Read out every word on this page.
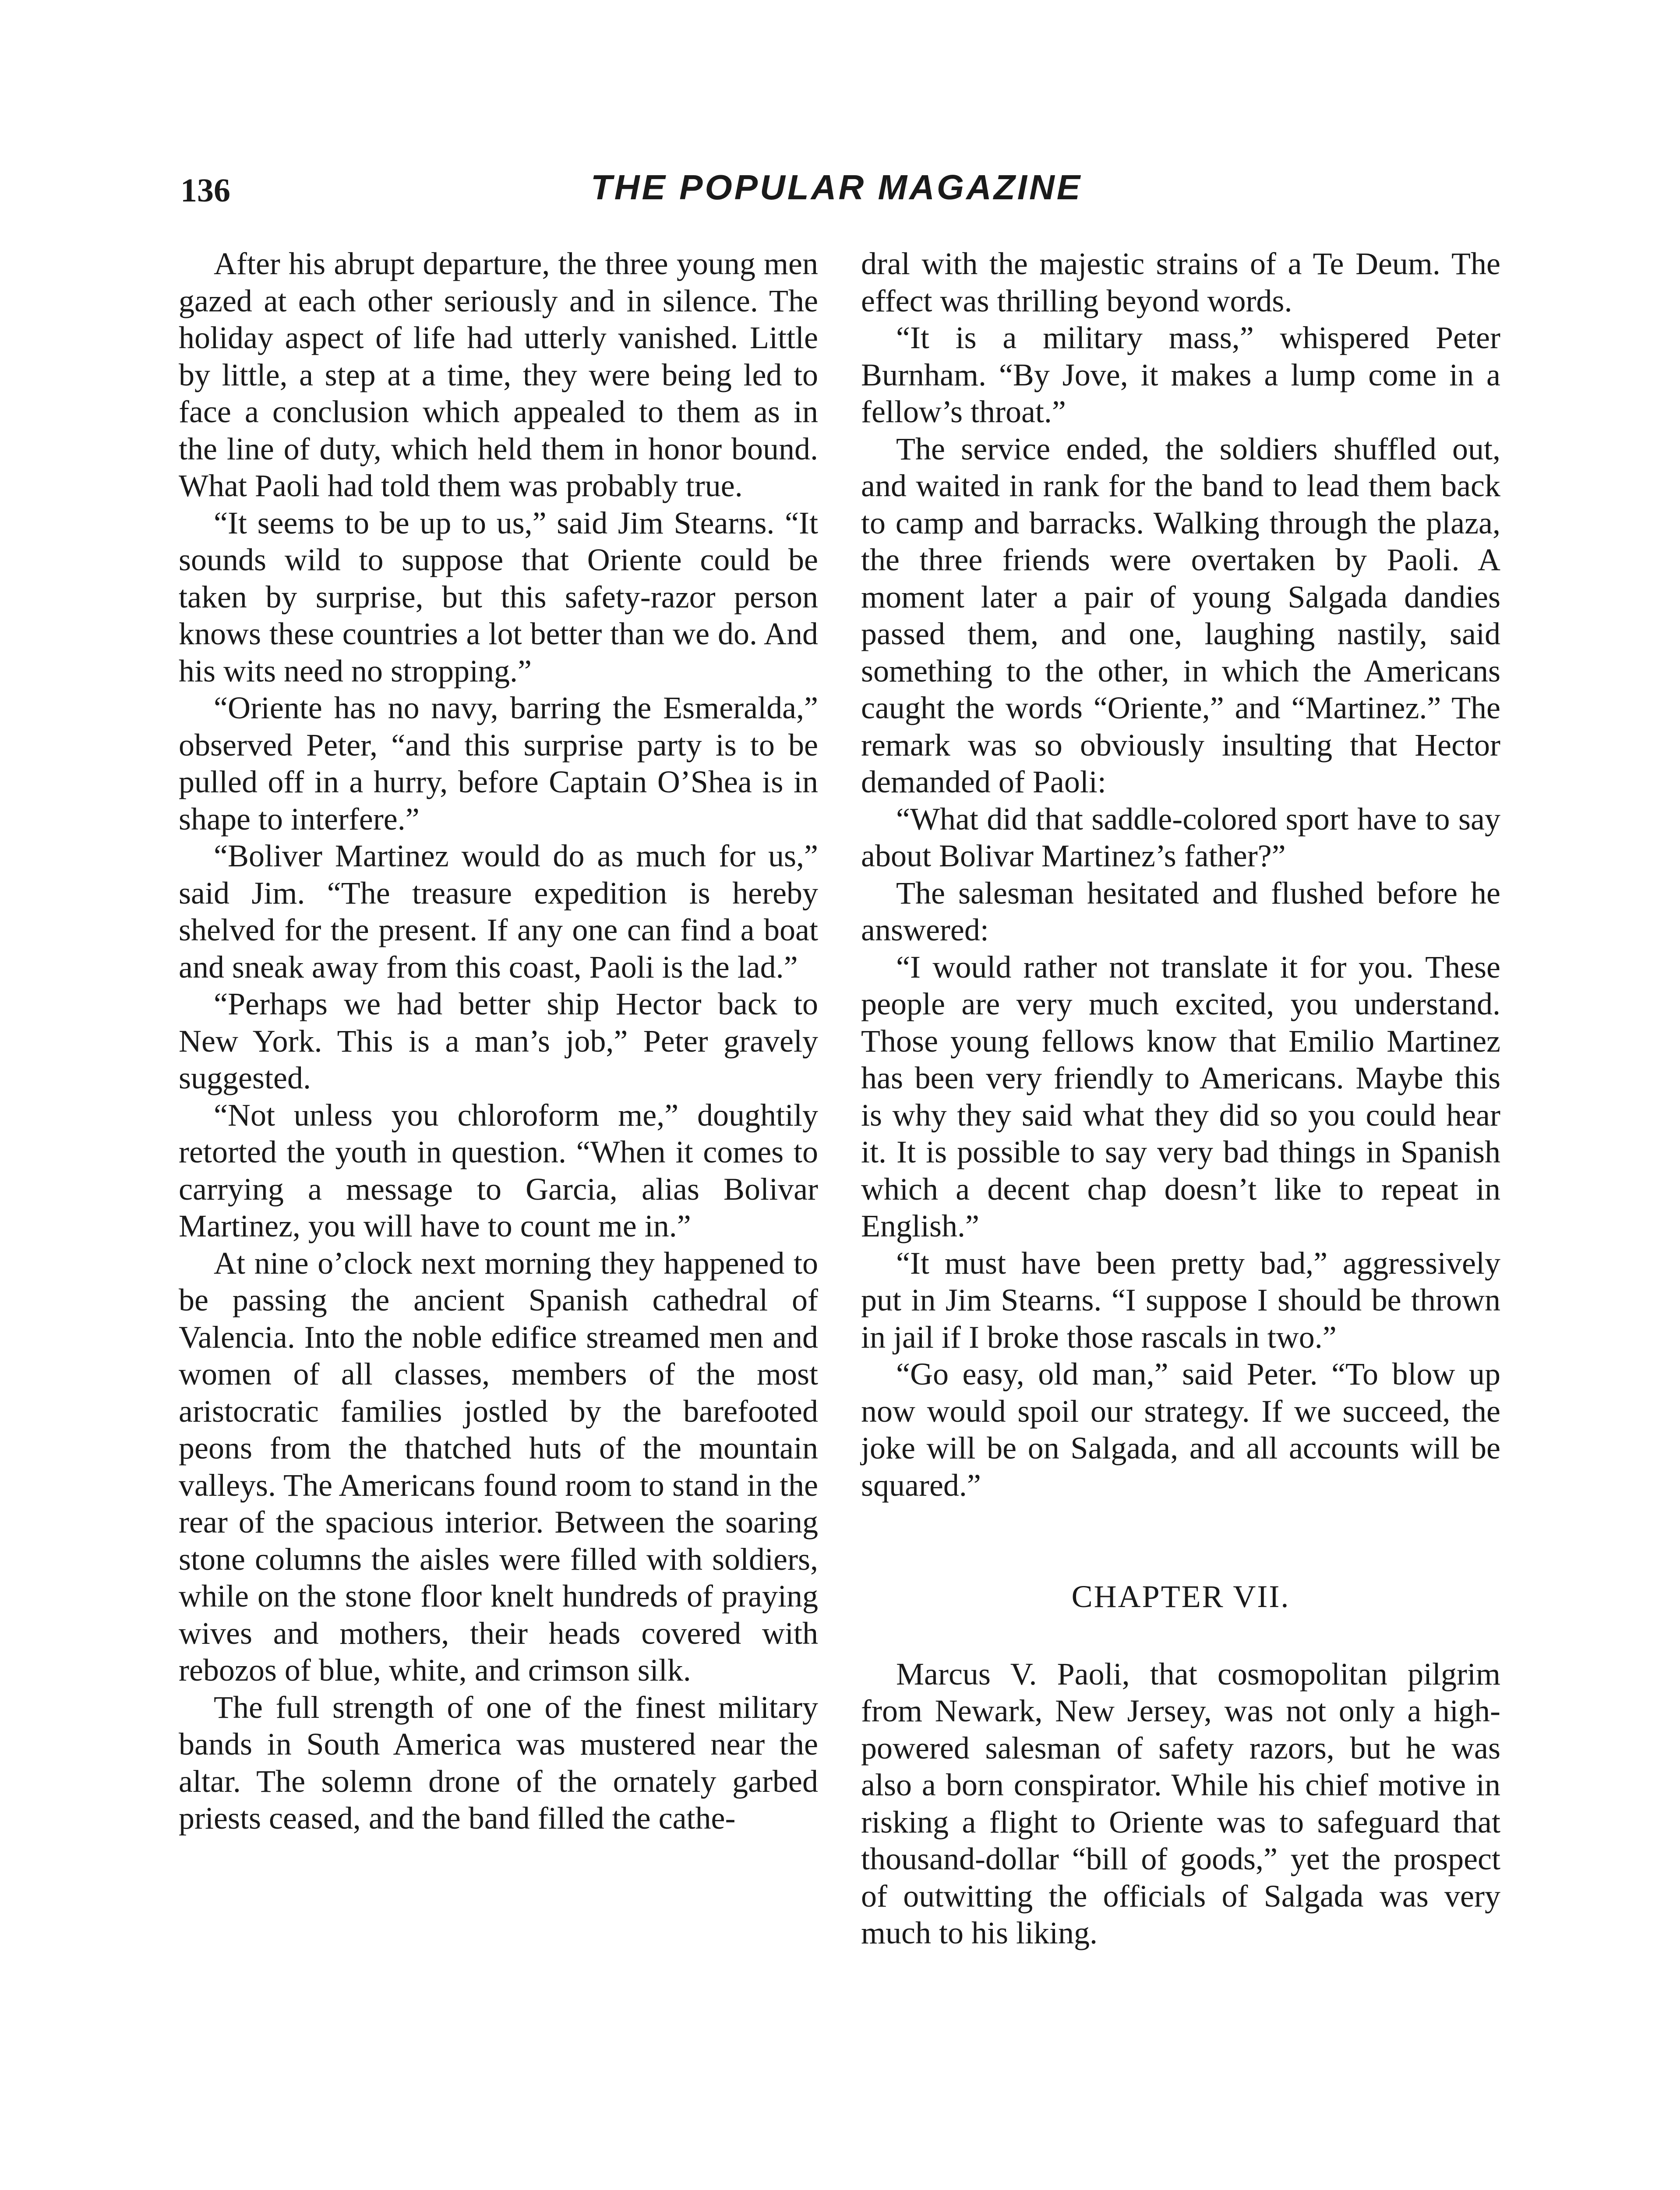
136	THE POPULAR MAGAZINE

After his abrupt departure, the three young men gazed at each other seriously and in silence. The holiday aspect of life had utterly vanished. Little by little, a step at a time, they were being led to face a conclusion which appealed to them as in the line of duty, which held them in honor bound. What Paoli had told them was probably true.

“It seems to be up to us,” said Jim Stearns. “It sounds wild to suppose that Oriente could be taken by surprise, but this safety-razor person knows these countries a lot better than we do. And his wits need no stropping.”

“Oriente has no navy, barring the Esmeralda,” observed Peter, “and this surprise party is to be pulled off in a hurry, before Captain O’Shea is in shape to interfere.”

“Boliver Martinez would do as much for us,” said Jim. “The treasure expedition is hereby shelved for the present. If any one can find a boat and sneak away from this coast, Paoli is the lad.”

“Perhaps we had better ship Hector back to New York. This is a man’s job,” Peter gravely suggested.

“Not unless you chloroform me,” doughtily retorted the youth in question. “When it comes to carrying a message to Garcia, alias Bolivar Martinez, you will have to count me in.”

At nine o’clock next morning they happened to be passing the ancient Spanish cathedral of Valencia. Into the noble edifice streamed men and women of all classes, members of the most aristocratic families jostled by the barefooted peons from the thatched huts of the mountain valleys. The Americans found room to stand in the rear of the spacious interior. Between the soaring stone columns the aisles were filled with soldiers, while on the stone floor knelt hundreds of praying wives and mothers, their heads covered with rebozos of blue, white, and crimson silk.

The full strength of one of the finest military bands in South America was mustered near the altar. The solemn drone of the ornately garbed priests ceased, and the band filled the cathe-

dral with the majestic strains of a Te Deum. The effect was thrilling beyond words.

“It is a military mass,” whispered Peter Burnham. “By Jove, it makes a lump come in a fellow’s throat.”

The service ended, the soldiers shuffled out, and waited in rank for the band to lead them back to camp and barracks. Walking through the plaza, the three friends were overtaken by Paoli. A moment later a pair of young Salgada dandies passed them, and one, laughing nastily, said something to the other, in which the Americans caught the words “Oriente,” and “Martinez.” The remark was so obviously insulting that Hector demanded of Paoli:

“What did that saddle-colored sport have to say about Bolivar Martinez’s father?”

The salesman hesitated and flushed before he answered:

“I would rather not translate it for you. These people are very much excited, you understand. Those young fellows know that Emilio Martinez has been very friendly to Americans. Maybe this is why they said what they did so you could hear it. It is possible to say very bad things in Spanish which a decent chap doesn’t like to repeat in English.”

“It must have been pretty bad,” aggressively put in Jim Stearns. “I suppose I should be thrown in jail if I broke those rascals in two.”

“Go easy, old man,” said Peter. “To blow up now would spoil our strategy. If we succeed, the joke will be on Salgada, and all accounts will be squared.”

CHAPTER VII.

Marcus V. Paoli, that cosmopolitan pilgrim from Newark, New Jersey, was not only a high-powered salesman of safety razors, but he was also a born conspirator. While his chief motive in risking a flight to Oriente was to safeguard that thousand-dollar “bill of goods,” yet the prospect of outwitting the officials of Salgada was very much to his liking.
